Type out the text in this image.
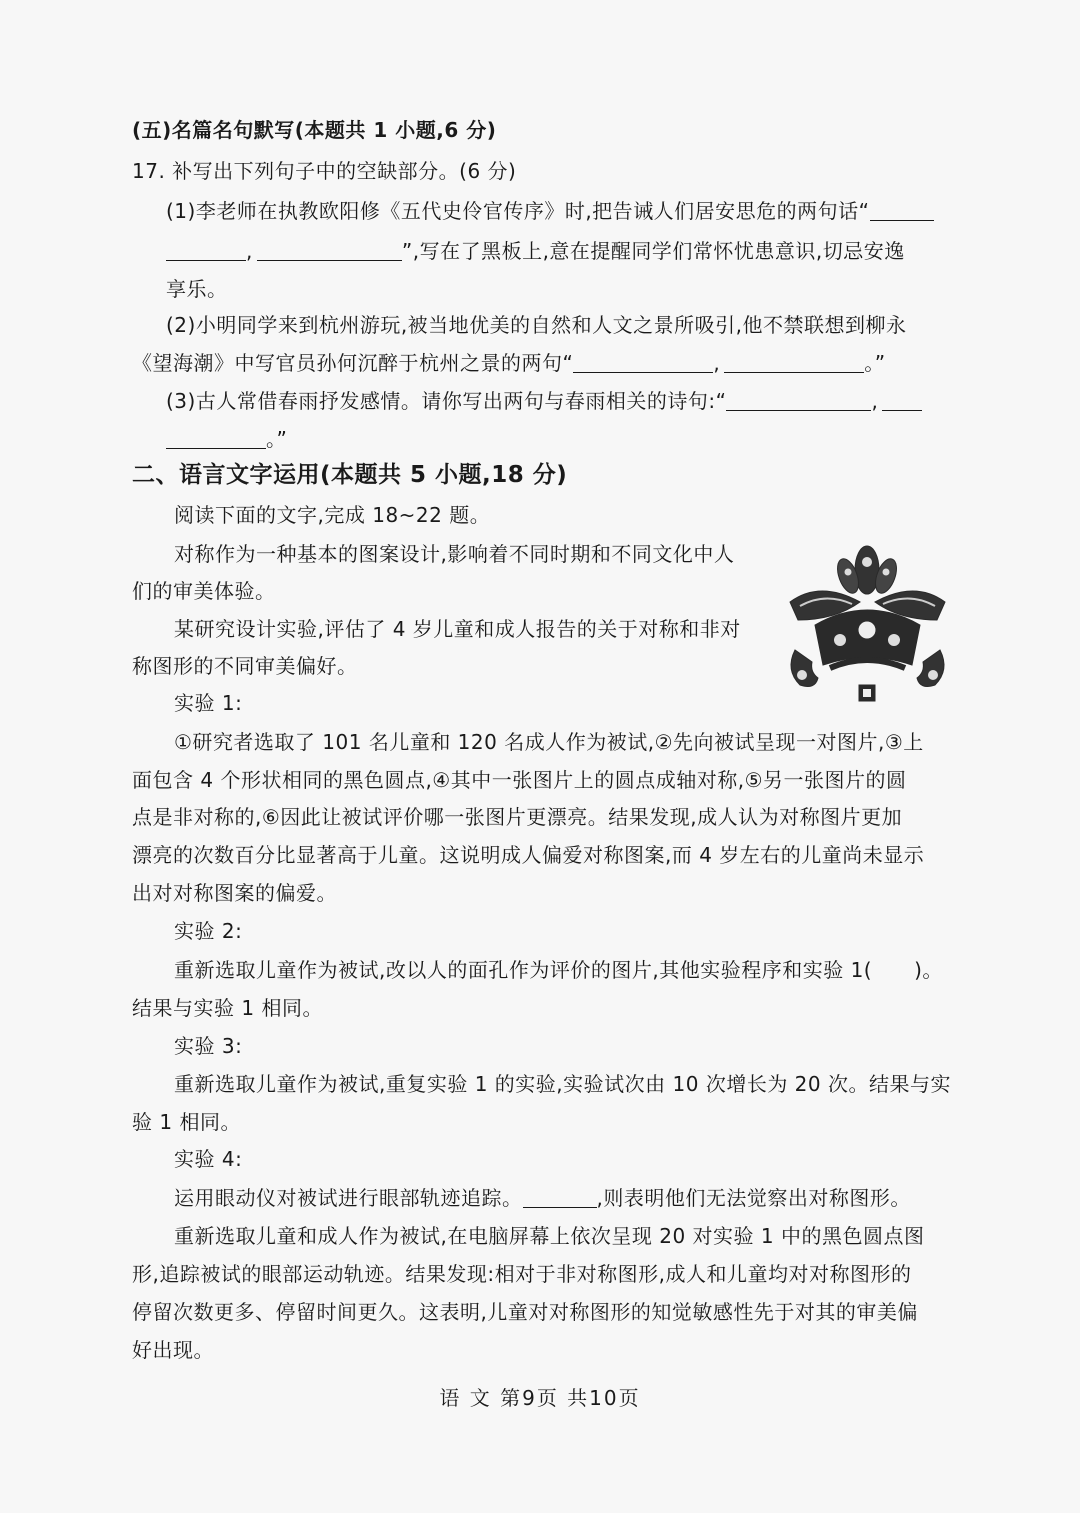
(五)名篇名句默写(本题共 1 小题,6 分)
17. 补写出下列句子中的空缺部分。(6 分)
(1)李老师在执教欧阳修《五代史伶官传序》时,把告诫人们居安思危的两句话“
,	”,写在了黑板上,意在提醒同学们常怀忧患意识,切忌安逸
享乐。
(2)小明同学来到杭州游玩,被当地优美的自然和人文之景所吸引,他不禁联想到柳永
《望海潮》中写官员孙何沉醉于杭州之景的两句“	,	。”
(3)古人常借春雨抒发感情。请你写出两句与春雨相关的诗句:“	,
。”
二、语言文字运用(本题共 5 小题,18 分)
阅读下面的文字,完成 18~22 题。
对称作为一种基本的图案设计,影响着不同时期和不同文化中人
们的审美体验。
某研究设计实验,评估了 4 岁儿童和成人报告的关于对称和非对
称图形的不同审美偏好。
实验 1:
①研究者选取了 101 名儿童和 120 名成人作为被试,②先向被试呈现一对图片,③上
面包含 4 个形状相同的黑色圆点,④其中一张图片上的圆点成轴对称,⑤另一张图片的圆
点是非对称的,⑥因此让被试评价哪一张图片更漂亮。结果发现,成人认为对称图片更加
漂亮的次数百分比显著高于儿童。这说明成人偏爱对称图案,而 4 岁左右的儿童尚未显示
出对对称图案的偏爱。
实验 2:
重新选取儿童作为被试,改以人的面孔作为评价的图片,其他实验程序和实验 1( )。
结果与实验 1 相同。
实验 3:
重新选取儿童作为被试,重复实验 1 的实验,实验试次由 10 次增长为 20 次。结果与实
验 1 相同。
实验 4:
运用眼动仪对被试进行眼部轨迹追踪。	,则表明他们无法觉察出对称图形。
重新选取儿童和成人作为被试,在电脑屏幕上依次呈现 20 对实验 1 中的黑色圆点图
形,追踪被试的眼部运动轨迹。结果发现:相对于非对称图形,成人和儿童均对对称图形的
停留次数更多、停留时间更久。这表明,儿童对对称图形的知觉敏感性先于对其的审美偏
好出现。
语 文 第9页 共10页
